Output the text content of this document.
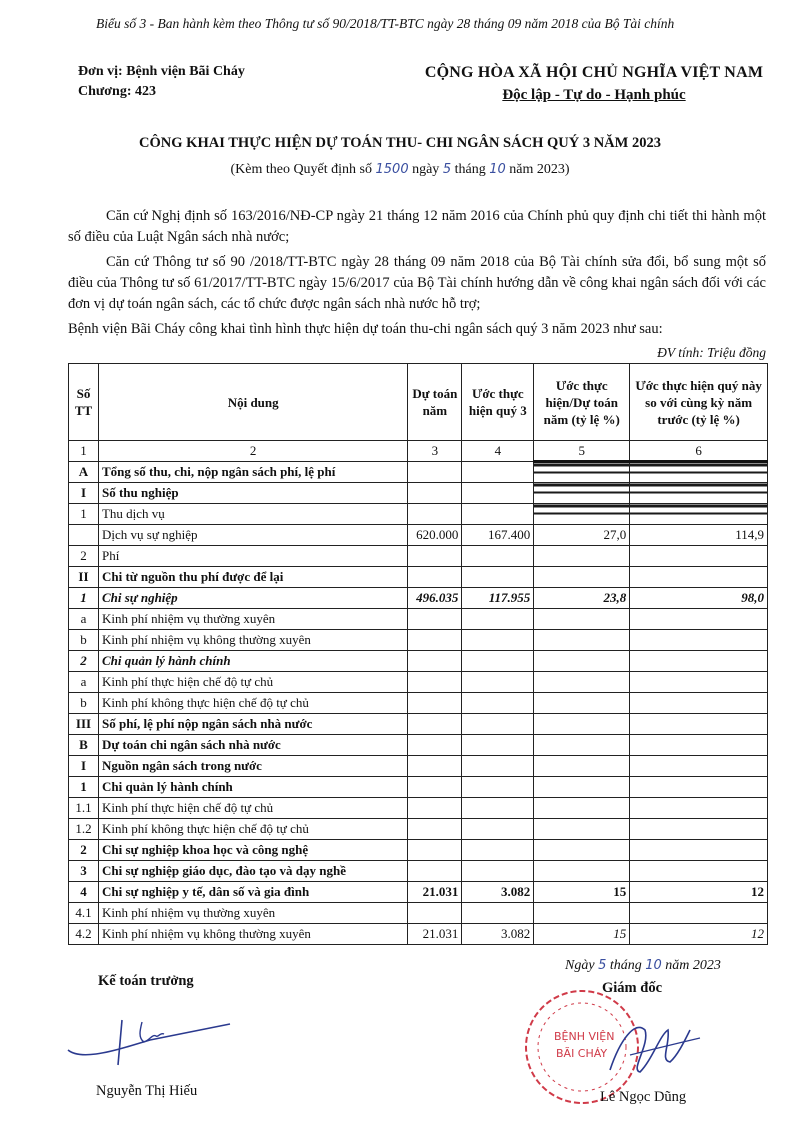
Biểu số 3 - Ban hành kèm theo Thông tư số 90/2018/TT-BTC ngày 28 tháng 09 năm 2018 của Bộ Tài chính
Đơn vị: Bệnh viện Bãi Cháy
Chương: 423
CỘNG HÒA XÃ HỘI CHỦ NGHĨA VIỆT NAM
Độc lập - Tự do - Hạnh phúc
CÔNG KHAI THỰC HIỆN DỰ TOÁN THU- CHI NGÂN SÁCH QUÝ 3 NĂM 2023
(Kèm theo Quyết định số 1500 ngày 5 tháng 10 năm 2023)
Căn cứ Nghị định số 163/2016/NĐ-CP ngày 21 tháng 12 năm 2016 của Chính phủ quy định chi tiết thi hành một số điều của Luật Ngân sách nhà nước;
Căn cứ Thông tư số 90 /2018/TT-BTC ngày 28 tháng 09 năm 2018 của Bộ Tài chính sửa đổi, bổ sung một số điều của Thông tư số 61/2017/TT-BTC ngày 15/6/2017 của Bộ Tài chính hướng dẫn về công khai ngân sách đối với các đơn vị dự toán ngân sách, các tổ chức được ngân sách nhà nước hỗ trợ;
Bệnh viện Bãi Cháy công khai tình hình thực hiện dự toán thu-chi ngân sách quý 3 năm 2023 như sau:
ĐV tính: Triệu đồng
Số TT	Nội dung	Dự toán năm	Ước thực hiện quý 3	Ước thực hiện/Dự toán năm (tỷ lệ %)	Ước thực hiện quý này so với cùng kỳ năm trước (tỷ lệ %)
1	2	3	4	5	6
A	Tổng số thu, chi, nộp ngân sách phí, lệ phí				
I	Số thu nghiệp				
1	Thu dịch vụ				
	Dịch vụ sự nghiệp	620.000	167.400	27,0	114,9
2	Phí				
II	Chi từ nguồn thu phí được để lại				
1	Chi sự nghiệp	496.035	117.955	23,8	98,0
a	Kinh phí nhiệm vụ thường xuyên				
b	Kinh phí nhiệm vụ không thường xuyên				
2	Chi quản lý hành chính				
a	Kinh phí thực hiện chế độ tự chủ				
b	Kinh phí không thực hiện chế độ tự chủ				
III	Số phí, lệ phí nộp ngân sách nhà nước				
B	Dự toán chi ngân sách nhà nước				
I	Nguồn ngân sách trong nước				
1	Chi quản lý hành chính				
1.1	Kinh phí thực hiện chế độ tự chủ				
1.2	Kinh phí không thực hiện chế độ tự chủ				
2	Chi sự nghiệp khoa học và công nghệ				
3	Chi sự nghiệp giáo dục, đào tạo và dạy nghề				
4	Chi sự nghiệp y tế, dân số và gia đình	21.031	3.082	15	12
4.1	Kinh phí nhiệm vụ thường xuyên				
4.2	Kinh phí nhiệm vụ không thường xuyên	21.031	3.082	15	12
Ngày 5 tháng 10 năm 2023
Kế toán trưởng	Giám đốc
BỆNH VIỆN
BÃI CHÁY
Nguyễn Thị Hiếu	Lê Ngọc Dũng
